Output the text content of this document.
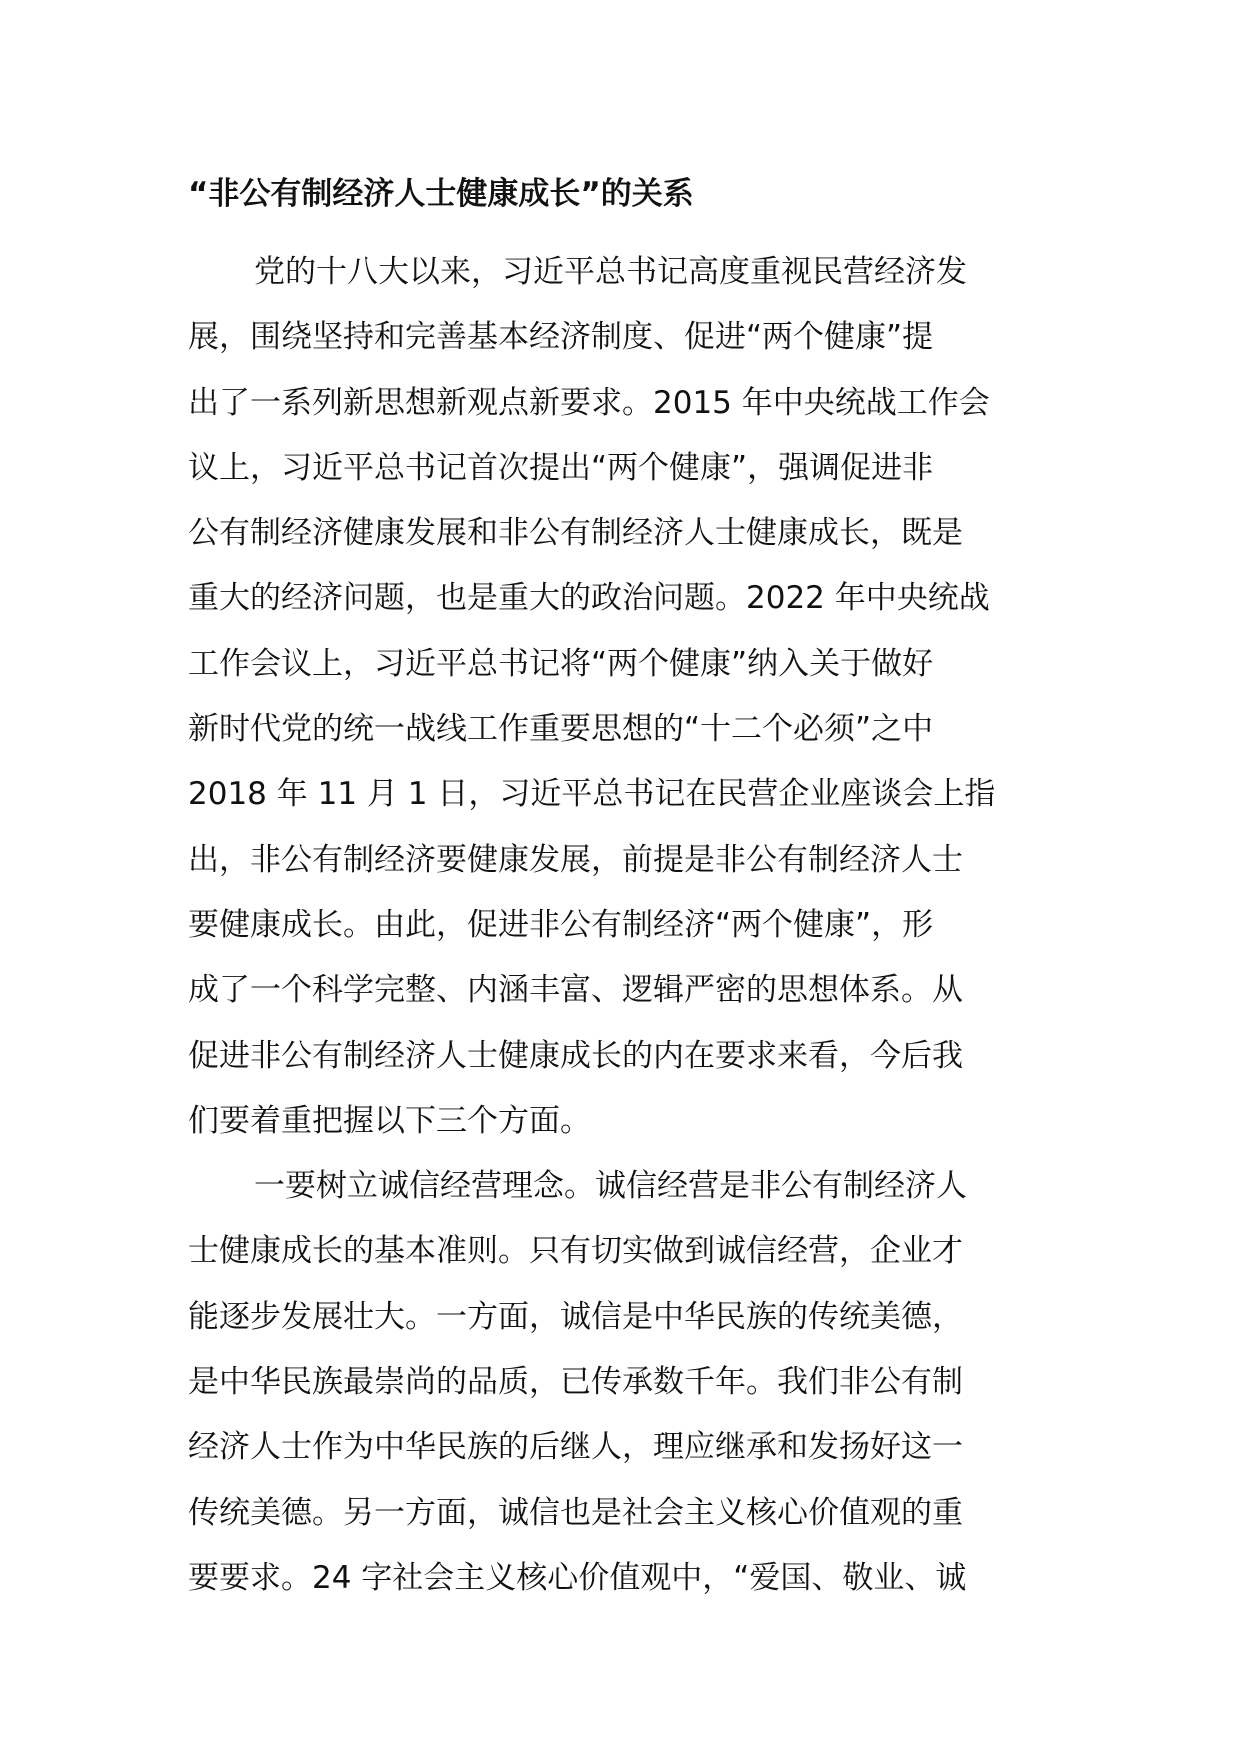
“非公有制经济人士健康成长”的关系
党的十八大以来，习近平总书记高度重视民营经济发
展，围绕坚持和完善基本经济制度、促进“两个健康”提
出了一系列新思想新观点新要求。2015 年中央统战工作会
议上，习近平总书记首次提出“两个健康”，强调促进非
公有制经济健康发展和非公有制经济人士健康成长，既是
重大的经济问题，也是重大的政治问题。2022 年中央统战
工作会议上，习近平总书记将“两个健康”纳入关于做好
新时代党的统一战线工作重要思想的“十二个必须”之中
2018 年 11 月 1 日，习近平总书记在民营企业座谈会上指
出，非公有制经济要健康发展，前提是非公有制经济人士
要健康成长。由此，促进非公有制经济“两个健康”，形
成了一个科学完整、内涵丰富、逻辑严密的思想体系。从
促进非公有制经济人士健康成长的内在要求来看，今后我
们要着重把握以下三个方面。
一要树立诚信经营理念。诚信经营是非公有制经济人
士健康成长的基本准则。只有切实做到诚信经营，企业才
能逐步发展壮大。一方面，诚信是中华民族的传统美德，
是中华民族最崇尚的品质，已传承数千年。我们非公有制
经济人士作为中华民族的后继人，理应继承和发扬好这一
传统美德。另一方面，诚信也是社会主义核心价值观的重
要要求。24 字社会主义核心价值观中，“爱国、敬业、诚
